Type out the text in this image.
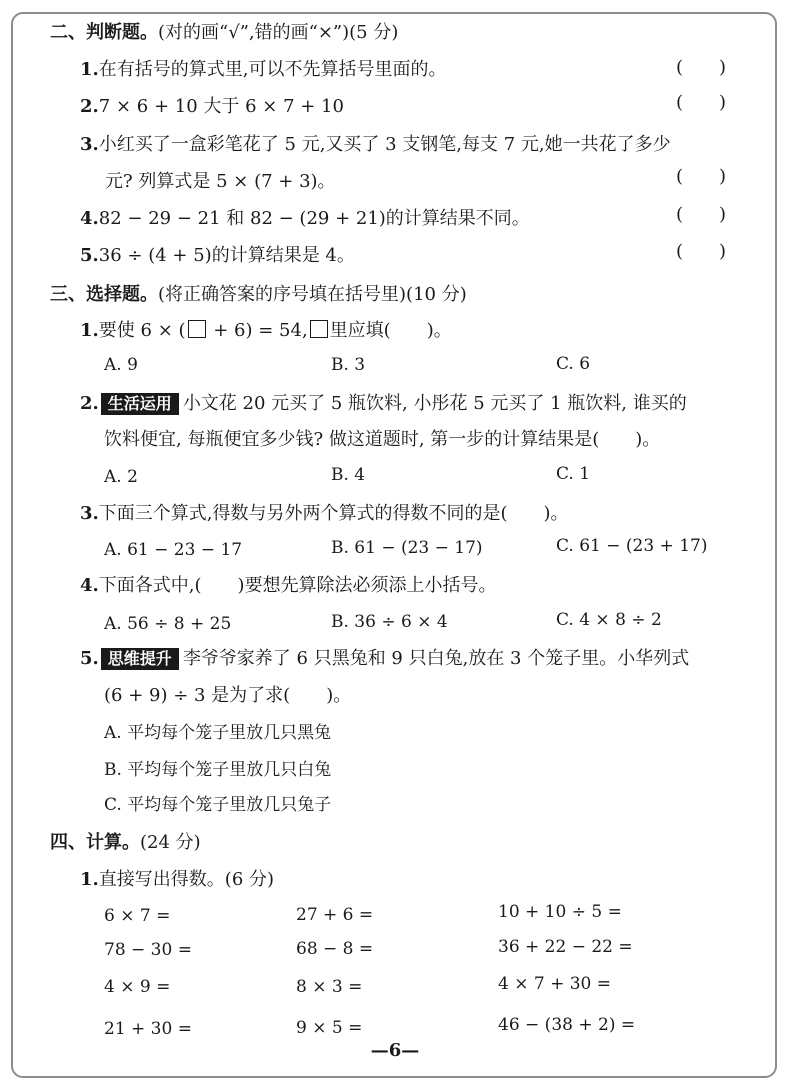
二、判断题。(对的画“√”,错的画“×”)(5 分)
1.在有括号的算式里,可以不先算括号里面的。	(　　)
2.7 × 6 + 10 大于 6 × 7 + 10	(　　)
3.小红买了一盒彩笔花了 5 元,又买了 3 支钢笔,每支 7 元,她一共花了多少
元? 列算式是 5 × (7 + 3)。	(　　)
4.82 − 29 − 21 和 82 − (29 + 21)的计算结果不同。	(　　)
5.36 ÷ (4 + 5)的计算结果是 4。	(　　)
三、选择题。(将正确答案的序号填在括号里)(10 分)
1.要使 6 × ( + 6) = 54, 里应填(　　)。
A. 9	B. 3	C. 6
2. 生活运用 小文花 20 元买了 5 瓶饮料, 小彤花 5 元买了 1 瓶饮料, 谁买的
饮料便宜, 每瓶便宜多少钱? 做这道题时, 第一步的计算结果是(　　)。
A. 2	B. 4	C. 1
3.下面三个算式,得数与另外两个算式的得数不同的是(　　)。
A. 61 − 23 − 17	B. 61 − (23 − 17)	C. 61 − (23 + 17)
4.下面各式中,(　　)要想先算除法必须添上小括号。
A. 56 ÷ 8 + 25	B. 36 ÷ 6 × 4	C. 4 × 8 ÷ 2
5. 思维提升 李爷爷家养了 6 只黑兔和 9 只白兔,放在 3 个笼子里。小华列式
(6 + 9) ÷ 3 是为了求(　　)。
A. 平均每个笼子里放几只黑兔
B. 平均每个笼子里放几只白兔
C. 平均每个笼子里放几只兔子
四、计算。(24 分)
1.直接写出得数。(6 分)
6 × 7 =	27 + 6 =	10 + 10 ÷ 5 =
78 − 30 =	68 − 8 =	36 + 22 − 22 =
4 × 9 =	8 × 3 =	4 × 7 + 30 =
21 + 30 =	9 × 5 =	46 − (38 + 2) =
—6—
